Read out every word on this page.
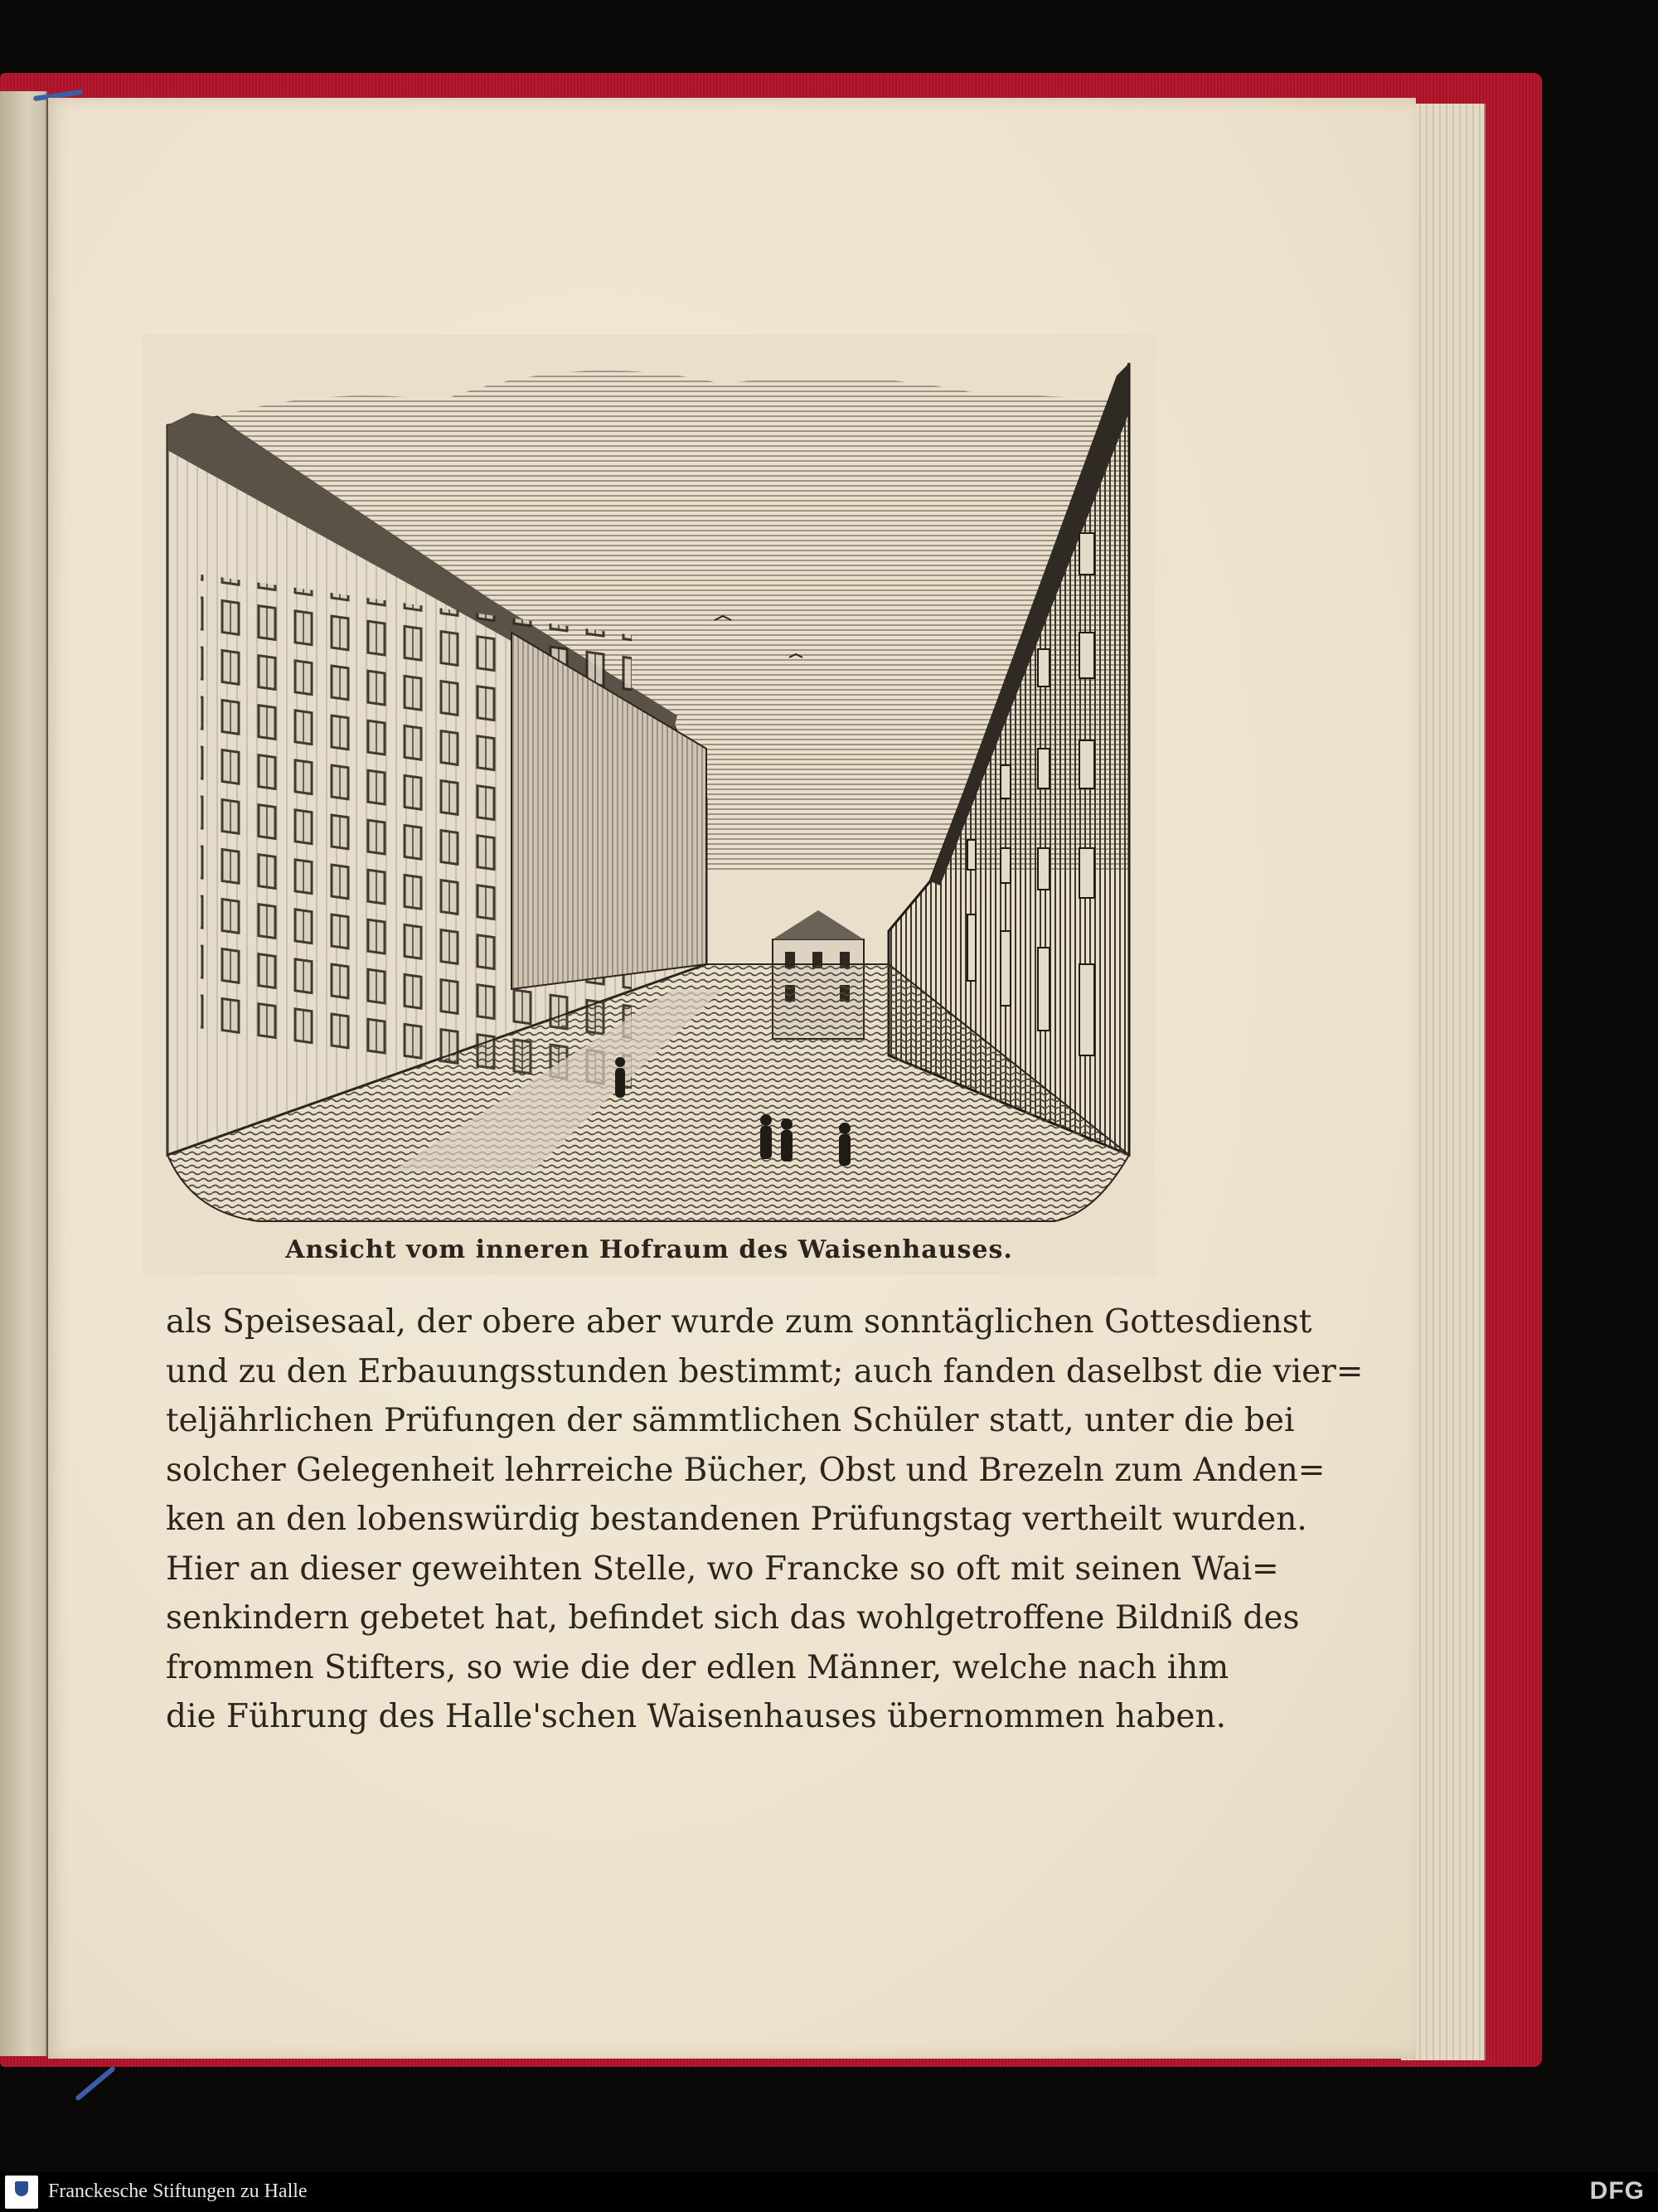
Ansicht vom inneren Hofraum des Waisenhauses.
als Speisesaal, der obere aber wurde zum sonntäglichen Gottesdienst
und zu den Erbauungsstunden bestimmt; auch fanden daselbst die vier=
teljährlichen Prüfungen der sämmtlichen Schüler statt, unter die bei
solcher Gelegenheit lehrreiche Bücher, Obst und Brezeln zum Anden=
ken an den lobenswürdig bestandenen Prüfungstag vertheilt wurden.
Hier an dieser geweihten Stelle, wo Francke so oft mit seinen Wai=
senkindern gebetet hat, befindet sich das wohlgetroffene Bildniß des
frommen Stifters, so wie die der edlen Männer, welche nach ihm
die Führung des Halle'schen Waisenhauses übernommen haben.
Franckesche Stiftungen zu Halle	DFG
